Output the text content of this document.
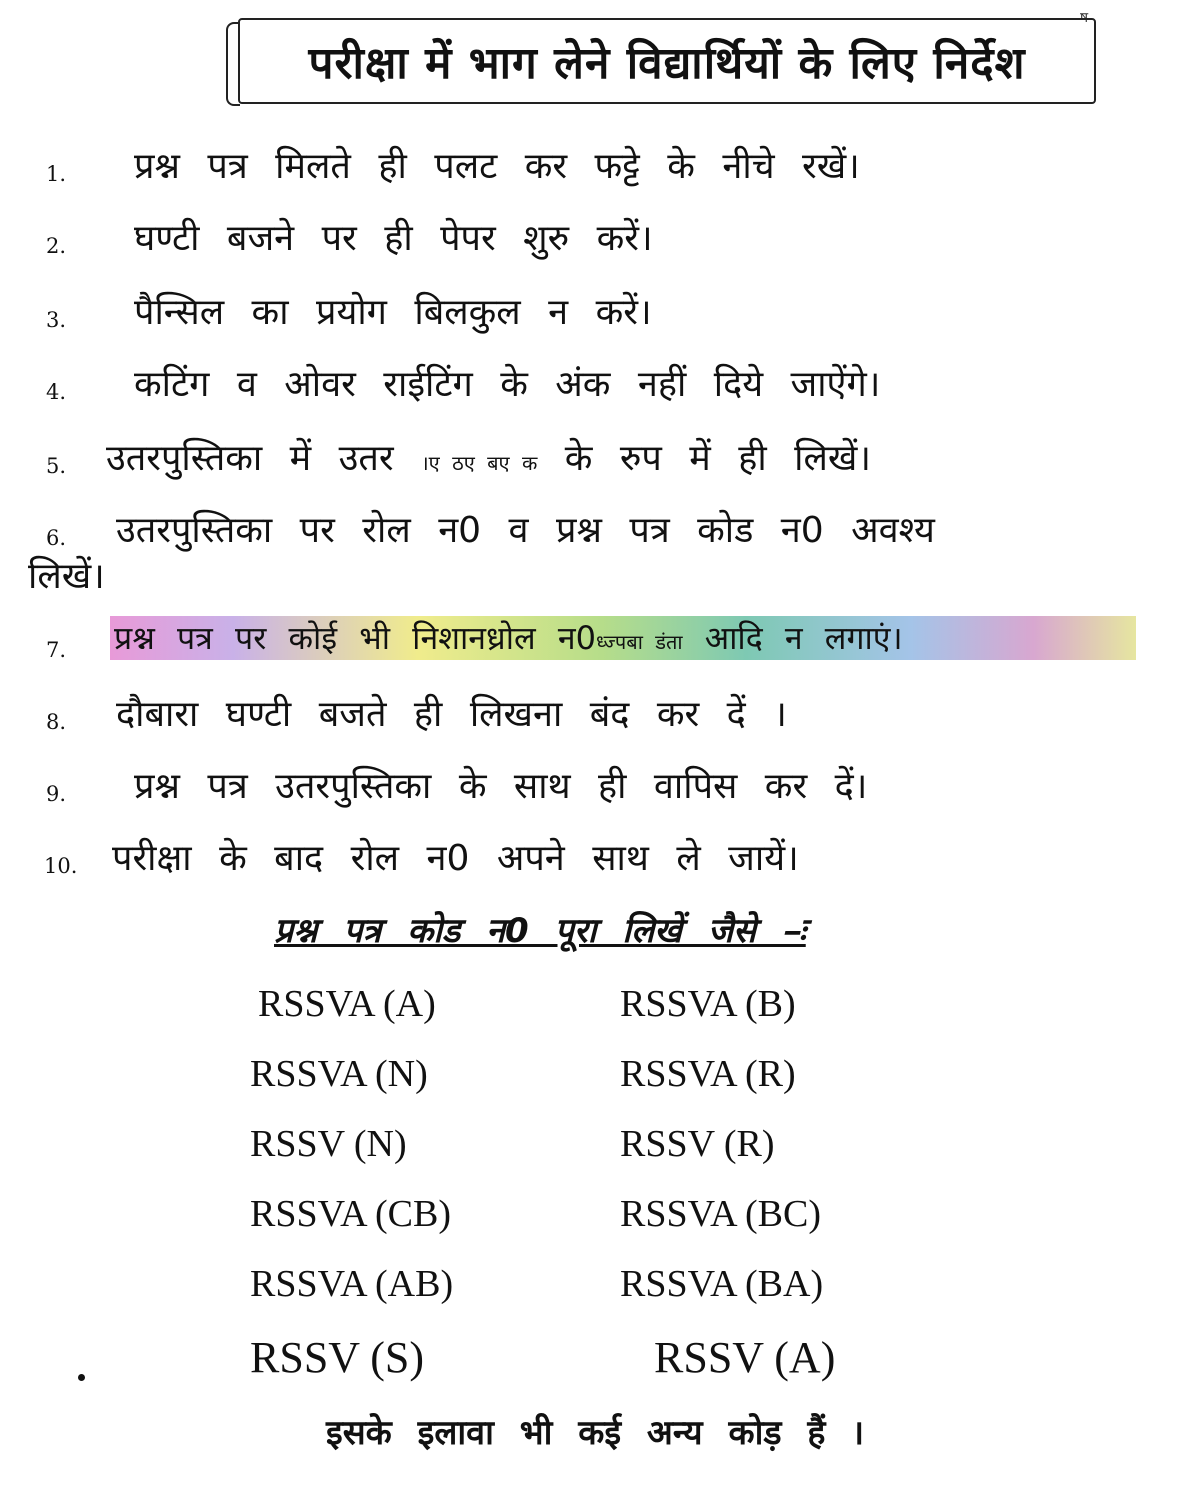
ष
परीक्षा में भाग लेने विद्यार्थियों के लिए निर्देश
1. प्रश्न पत्र मिलते ही पलट कर फट्टे के नीचे रखें।
2. घण्टी बजने पर ही पेपर शुरु करें।
3. पैन्सिल का प्रयोग बिलकुल न करें।
4. कटिंग व ओवर राईटिंग के अंक नहीं दिये जाऐंगे।
5. उतरपुस्तिका में उतर ।ए ठए बए क के रुप में ही लिखें।
6. उतरपुस्तिका पर रोल न0 व प्रश्न पत्र कोड न0 अवश्य
लिखें।
7. प्रश्न पत्र पर कोई भी निशानध्रोल न0ध्ज्पबा डंता आदि न लगाएं।
8. दौबारा घण्टी बजते ही लिखना बंद कर दें ।
9. प्रश्न पत्र उतरपुस्तिका के साथ ही वापिस कर दें।
10. परीक्षा के बाद रोल न0 अपने साथ ले जायें।
प्रश्न पत्र कोड न0 पूरा लिखें जैसे –ः
RSSVA (A)
RSSVA (N)
RSSV (N)
RSSVA (CB)
RSSVA (AB)
RSSV (S)
RSSVA (B)
RSSVA (R)
RSSV (R)
RSSVA (BC)
RSSVA (BA)
RSSV (A)
इसके इलावा भी कई अन्य कोड़ हैं ।
